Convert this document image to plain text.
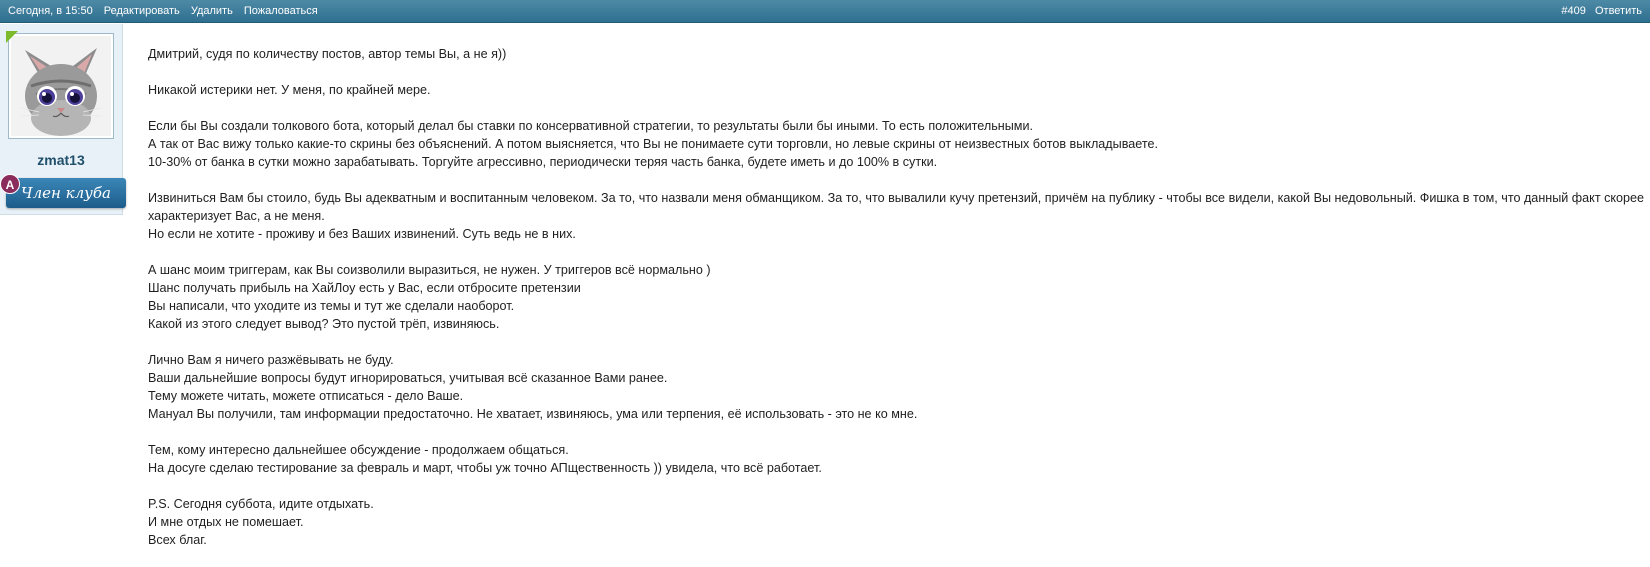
Сегодня, в 15:50 Редактировать Удалить Пожаловаться	#409 Ответить
zmat13
Член клуба
A
Дмитрий, судя по количеству постов, автор темы Вы, а не я))
Никакой истерики нет. У меня, по крайней мере.
Если бы Вы создали толкового бота, который делал бы ставки по консервативной стратегии, то результаты были бы иными. То есть положительными.
А так от Вас вижу только какие-то скрины без объяснений. А потом выясняется, что Вы не понимаете сути торговли, но левые скрины от неизвестных ботов выкладываете.
10-30% от банка в сутки можно зарабатывать. Торгуйте агрессивно, периодически теряя часть банка, будете иметь и до 100% в сутки.
Извиниться Вам бы стоило, будь Вы адекватным и воспитанным человеком. За то, что назвали меня обманщиком. За то, что вывалили кучу претензий, причём на публику - чтобы все видели, какой Вы недовольный. Фишка в том, что данный факт скорее характеризует Вас, а не меня.
Но если не хотите - проживу и без Ваших извинений. Суть ведь не в них.
А шанс моим триггерам, как Вы соизволили выразиться, не нужен. У триггеров всё нормально )
Шанс получать прибыль на ХайЛоу есть у Вас, если отбросите претензии
Вы написали, что уходите из темы и тут же сделали наоборот.
Какой из этого следует вывод? Это пустой трёп, извиняюсь.
Лично Вам я ничего разжёвывать не буду.
Ваши дальнейшие вопросы будут игнорироваться, учитывая всё сказанное Вами ранее.
Тему можете читать, можете отписаться - дело Ваше.
Мануал Вы получили, там информации предостаточно. Не хватает, извиняюсь, ума или терпения, её использовать - это не ко мне.
Тем, кому интересно дальнейшее обсуждение - продолжаем общаться.
На досуге сделаю тестирование за февраль и март, чтобы уж точно АПщественность )) увидела, что всё работает.
P.S. Сегодня суббота, идите отдыхать.
И мне отдых не помешает.
Всех благ.
